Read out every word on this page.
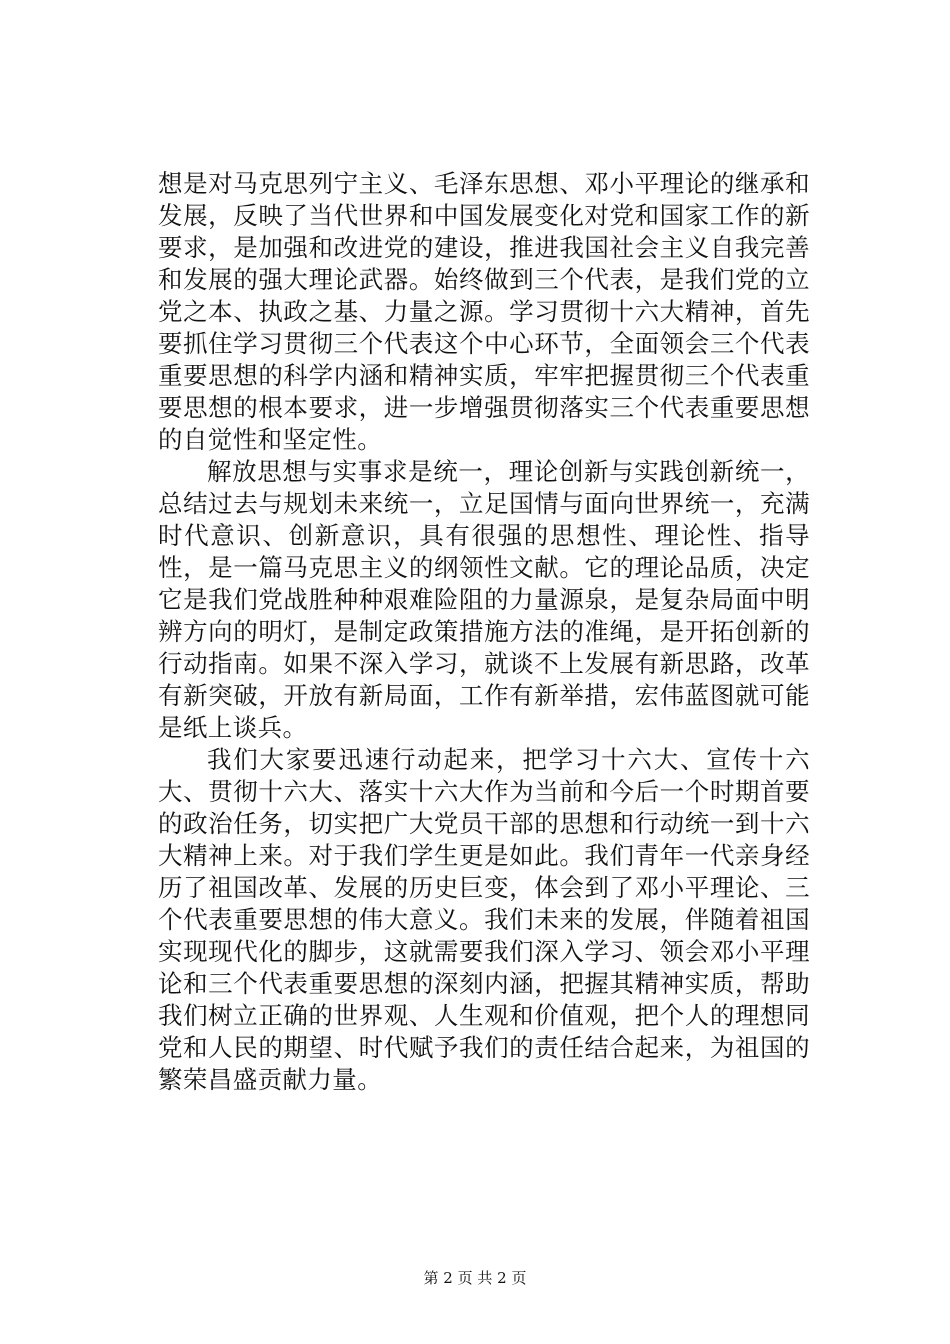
想是对马克思列宁主义、毛泽东思想、邓小平理论的继承和发展，反映了当代世界和中国发展变化对党和国家工作的新要求，是加强和改进党的建设，推进我国社会主义自我完善和发展的强大理论武器。始终做到三个代表，是我们党的立党之本、执政之基、力量之源。学习贯彻十六大精神，首先要抓住学习贯彻三个代表这个中心环节，全面领会三个代表重要思想的科学内涵和精神实质，牢牢把握贯彻三个代表重要思想的根本要求，进一步增强贯彻落实三个代表重要思想的自觉性和坚定性。

解放思想与实事求是统一，理论创新与实践创新统一，总结过去与规划未来统一，立足国情与面向世界统一，充满时代意识、创新意识，具有很强的思想性、理论性、指导性，是一篇马克思主义的纲领性文献。它的理论品质，决定它是我们党战胜种种艰难险阻的力量源泉，是复杂局面中明辨方向的明灯，是制定政策措施方法的准绳，是开拓创新的行动指南。如果不深入学习，就谈不上发展有新思路，改革有新突破，开放有新局面，工作有新举措，宏伟蓝图就可能是纸上谈兵。

我们大家要迅速行动起来，把学习十六大、宣传十六大、贯彻十六大、落实十六大作为当前和今后一个时期首要的政治任务，切实把广大党员干部的思想和行动统一到十六大精神上来。对于我们学生更是如此。我们青年一代亲身经历了祖国改革、发展的历史巨变，体会到了邓小平理论、三个代表重要思想的伟大意义。我们未来的发展，伴随着祖国实现现代化的脚步，这就需要我们深入学习、领会邓小平理论和三个代表重要思想的深刻内涵，把握其精神实质，帮助我们树立正确的世界观、人生观和价值观，把个人的理想同党和人民的期望、时代赋予我们的责任结合起来，为祖国的繁荣昌盛贡献力量。

第 2 页 共 2 页
